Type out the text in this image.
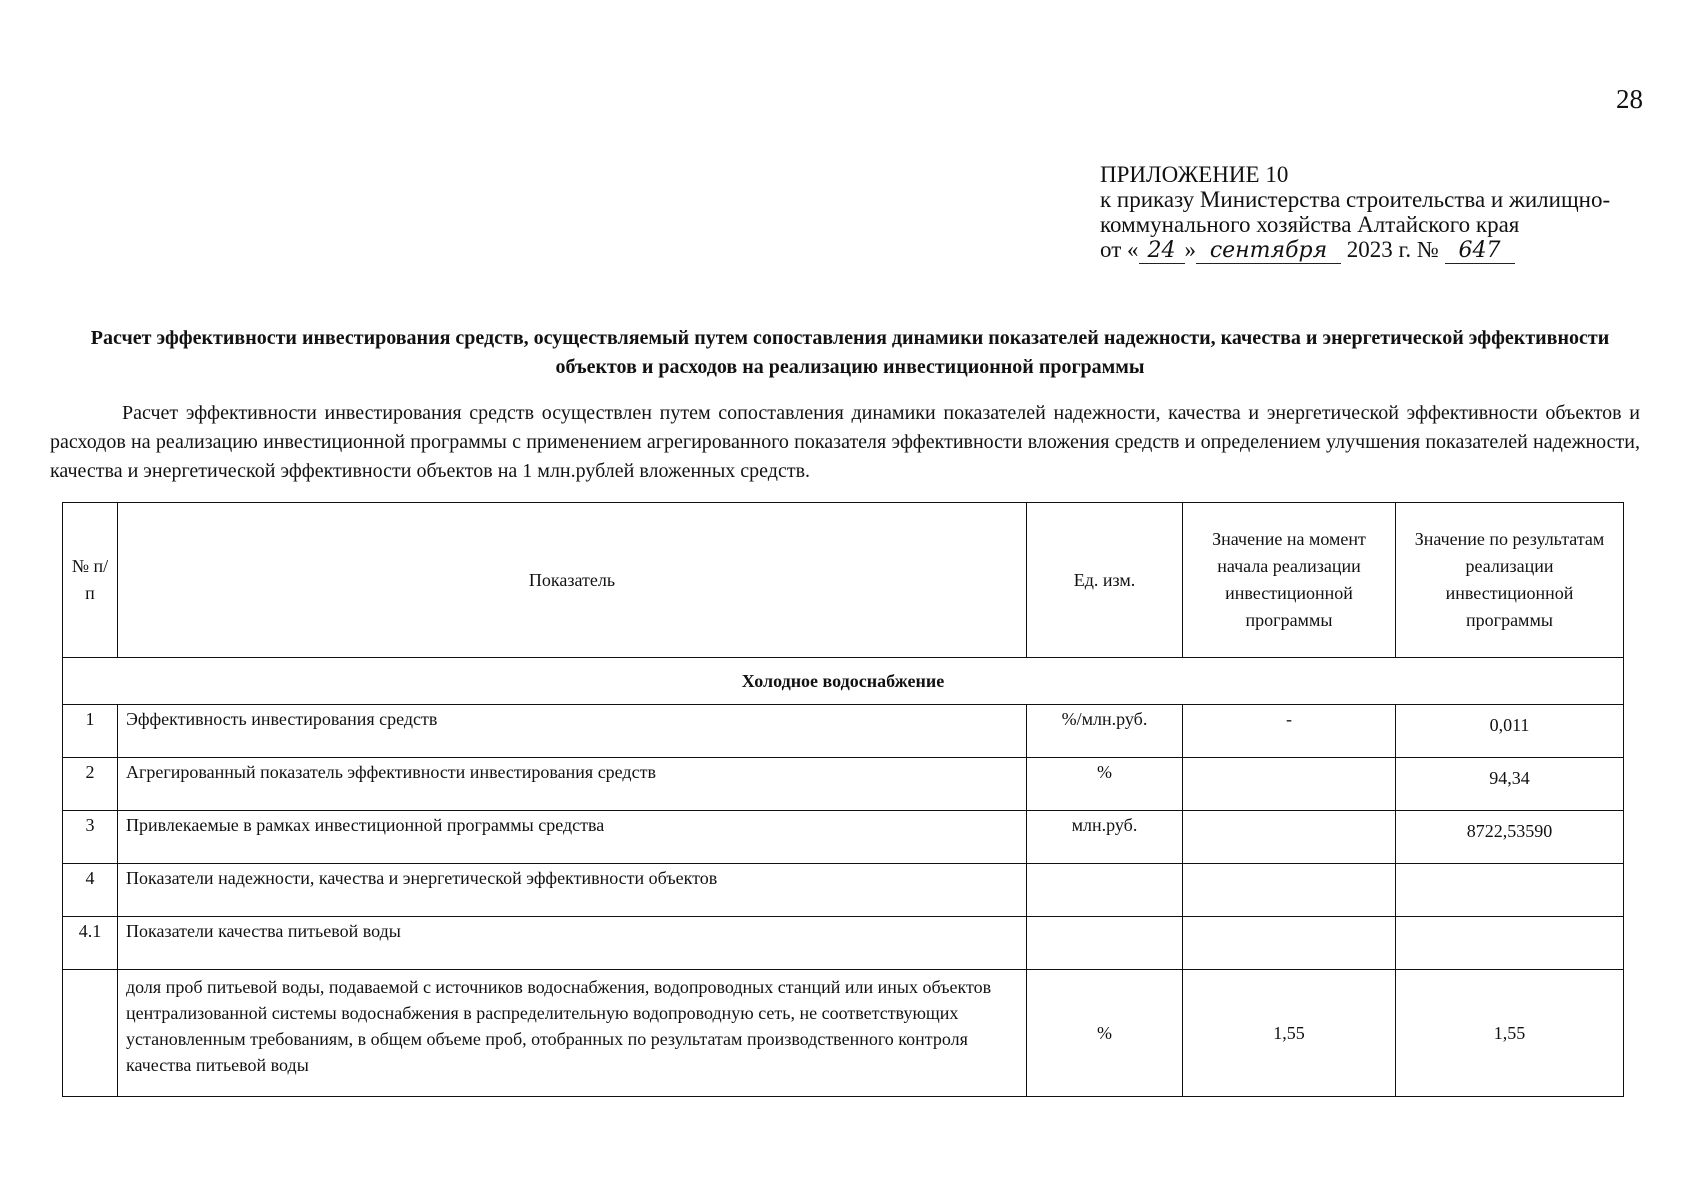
28
ПРИЛОЖЕНИЕ 10
к приказу Министерства строительства и жилищно-
коммунального хозяйства Алтайского края
от « 24 » сентября 2023 г. № 647
Расчет эффективности инвестирования средств, осуществляемый путем сопоставления динамики показателей надежности, качества и энергетической эффективности объектов и расходов на реализацию инвестиционной программы
Расчет эффективности инвестирования средств осуществлен путем сопоставления динамики показателей надежности, качества и энергетической эффективности объектов и расходов на реализацию инвестиционной программы с применением агрегированного показателя эффективности вложения средств и определением улучшения показателей надежности, качества и энергетической эффективности объектов на 1 млн.рублей вложенных средств.
№ п/п	Показатель	Ед. изм.	Значение на момент начала реализации инвестиционной программы	Значение по результатам реализации инвестиционной программы
Холодное водоснабжение				
1	Эффективность инвестирования средств	%/млн.руб.	-	0,011
2	Агрегированный показатель эффективности инвестирования средств	%		94,34
3	Привлекаемые в рамках инвестиционной программы средства	млн.руб.		8722,53590
4	Показатели надежности, качества и энергетической эффективности объектов			
4.1	Показатели качества питьевой воды			
	доля проб питьевой воды, подаваемой с источников водоснабжения, водопроводных станций или иных объектов централизованной системы водоснабжения в распределительную водопроводную сеть, не соответствующих установленным требованиям, в общем объеме проб, отобранных по результатам производственного контроля качества питьевой воды	%	1,55	1,55
